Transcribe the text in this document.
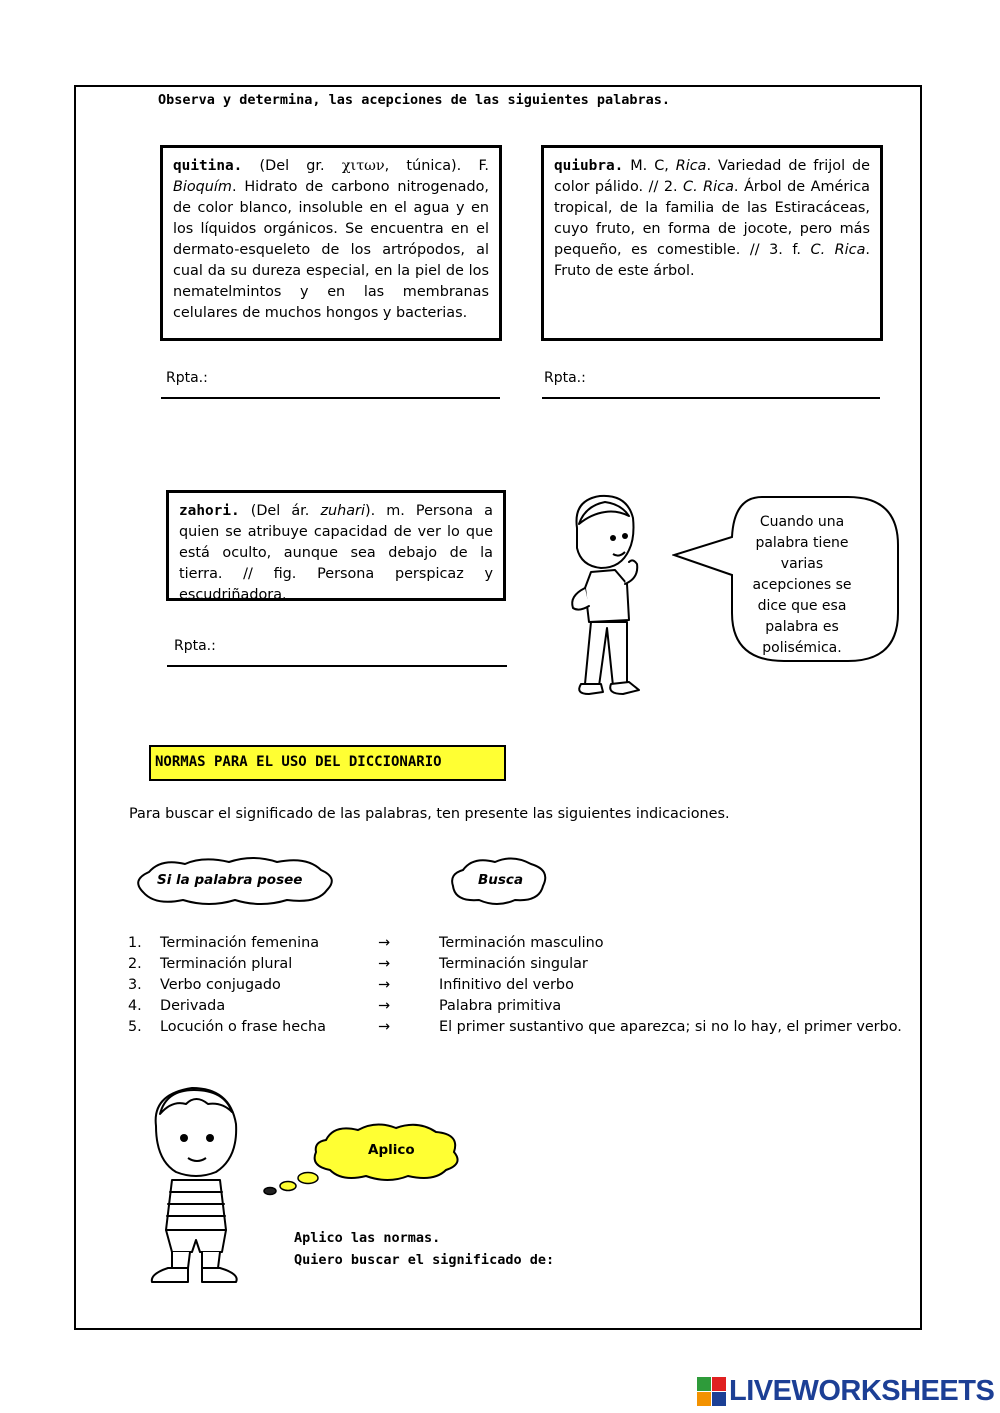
Observa y determina, las acepciones de las siguientes palabras.
quitina. (Del gr. χιτων, túnica). F. Bioquím. Hidrato de carbono nitrogenado, de color blanco, insoluble en el agua y en los líquidos orgánicos. Se encuentra en el dermato-esqueleto de los artrópodos, al cual da su dureza especial, en la piel de los nematelmintos y en las membranas celulares de muchos hongos y bacterias.
quiubra. M. C, Rica. Variedad de frijol de color pálido. // 2. C. Rica. Árbol de América tropical, de la familia de las Estiracáceas, cuyo fruto, en forma de jocote, pero más pequeño, es comestible. // 3. f. C. Rica. Fruto de este árbol.
Rpta.:	Rpta.:
zahori. (Del ár. zuhari). m. Persona a quien se atribuye capacidad de ver lo que está oculto, aunque sea debajo de la tierra. // fig. Persona perspicaz y escudriñadora.
Rpta.:
Cuando una palabra tiene varias acepciones se dice que esa palabra es polisémica.
NORMAS PARA EL USO DEL DICCIONARIO
Para buscar el significado de las palabras, ten presente las siguientes indicaciones.
Si la palabra posee	Busca
1. Terminación femenina	→	Terminación masculino
2. Terminación plural	→	Terminación singular
3. Verbo conjugado	→	Infinitivo del verbo
4. Derivada	→	Palabra primitiva
5. Locución o frase hecha	→	El primer sustantivo que aparezca; si no lo hay, el primer verbo.
Aplico
Aplico las normas.
Quiero buscar el significado de:
LIVEWORKSHEETS
